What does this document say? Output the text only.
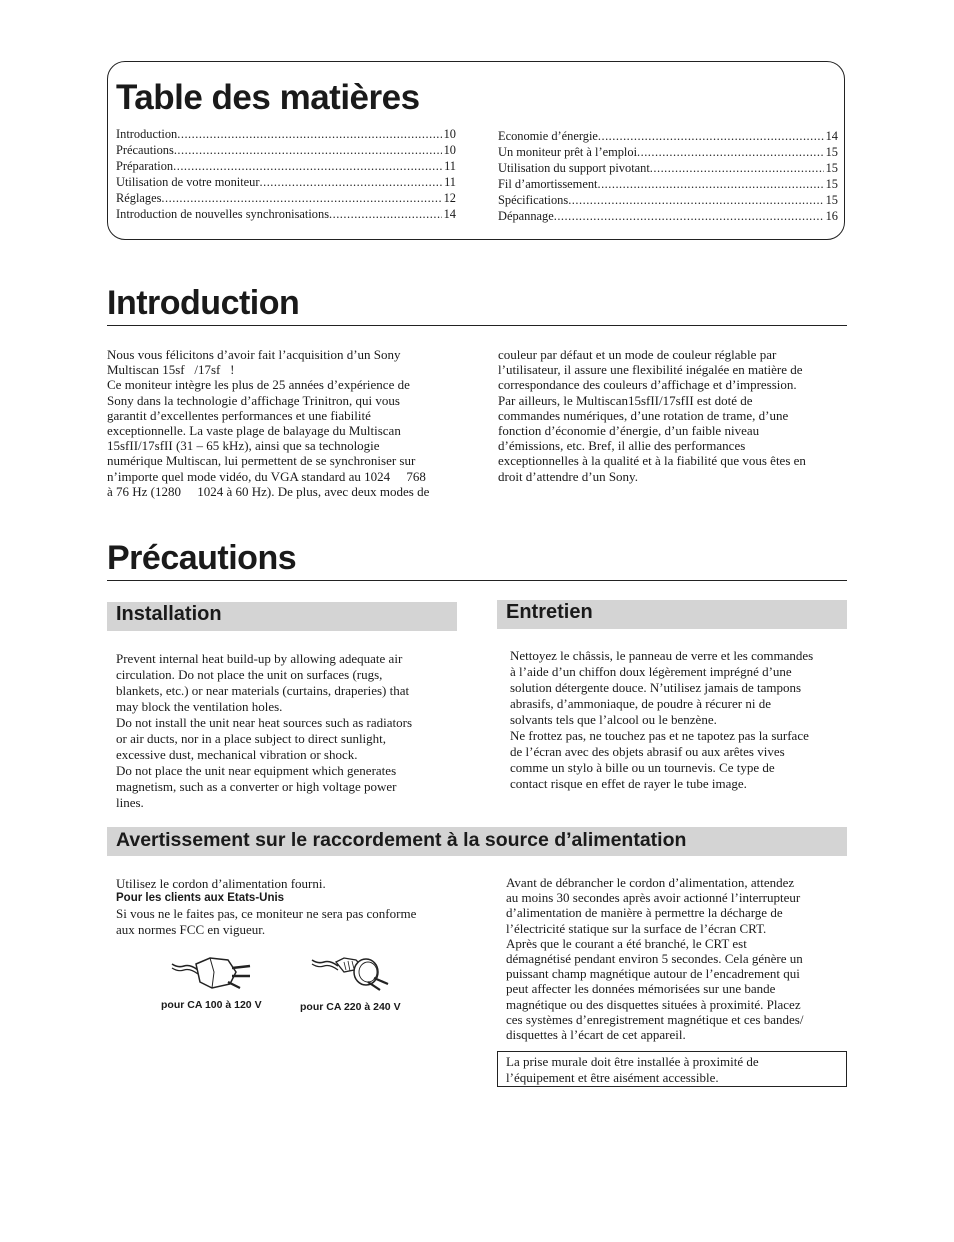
Table des matières
Introduction .....	10
Précautions .....	10
Préparation .....	11
Utilisation de votre moniteur .....	11
Réglages .....	12
Introduction de nouvelles synchronisations .....	14
Economie d’énergie .....	14
Un moniteur prêt à l’emploi .....	15
Utilisation du support pivotant .....	15
Fil d’amortissement .....	15
Spécifications .....	15
Dépannage .....	16
Introduction

Nous vous félicitons d’avoir fait l’acquisition d’un Sony

Multiscan 15sf   /17sf   !

Ce moniteur intègre les plus de 25 années d’expérience de

Sony dans la technologie d’affichage Trinitron, qui vous

garantit d’excellentes performances et une fiabilité

exceptionnelle. La vaste plage de balayage du Multiscan

15sfII/17sfII (31 – 65 kHz), ainsi que sa technologie

numérique Multiscan, lui permettent de se synchroniser sur

n’importe quel mode vidéo, du VGA standard au 1024     768

à 76 Hz (1280     1024 à 60 Hz). De plus, avec deux modes de

couleur par défaut et un mode de couleur réglable par

l’utilisateur, il assure une flexibilité inégalée en matière de

correspondance des couleurs d’affichage et d’impression.

Par ailleurs, le Multiscan15sfII/17sfII est doté de

commandes numériques, d’une rotation de trame, d’une

fonction d’économie d’énergie, d’un faible niveau

d’émissions, etc. Bref, il allie des performances

exceptionnelles à la qualité et à la fiabilité que vous êtes en

droit d’attendre d’un Sony.

Précautions
Installation	Entretien

Prevent internal heat build-up by allowing adequate air

circulation. Do not place the unit on surfaces (rugs,

blankets, etc.) or near materials (curtains, draperies) that

may block the ventilation holes.

Do not install the unit near heat sources such as radiators

or air ducts, nor in a place subject to direct sunlight,

excessive dust, mechanical vibration or shock.

Do not place the unit near equipment which generates

magnetism, such as a converter or high voltage power

lines.

Nettoyez le châssis, le panneau de verre et les commandes

à l’aide d’un chiffon doux légèrement imprégné d’une

solution détergente douce. N’utilisez jamais de tampons

abrasifs, d’ammoniaque, de poudre à récurer ni de

solvants tels que l’alcool ou le benzène.

Ne frottez pas, ne touchez pas et ne tapotez pas la surface

de l’écran avec des objets abrasif ou aux arêtes vives

comme un stylo à bille ou un tournevis. Ce type de

contact risque en effet de rayer le tube image.

Avertissement sur le raccordement à la source d’alimentation

Utilisez le cordon d’alimentation fourni.

Pour les clients aux Etats-Unis

Si vous ne le faites pas, ce moniteur ne sera pas conforme

aux normes FCC en vigueur.

pour CA 100 à 120 V	pour CA 220 à 240 V

Avant de débrancher le cordon d’alimentation, attendez

au moins 30 secondes après avoir actionné l’interrupteur

d’alimentation de manière à permettre la décharge de

l’électricité statique sur la surface de l’écran CRT.

Après que le courant a été branché, le CRT est

démagnétisé pendant environ 5 secondes. Cela génère un

puissant champ magnétique autour de l’encadrement qui

peut affecter les données mémorisées sur une bande

magnétique ou des disquettes situées à proximité. Placez

ces systèmes d’enregistrement magnétique et ces bandes/

disquettes à l’écart de cet appareil.

La prise murale doit être installée à proximité de
l’équipement et être aisément accessible.
